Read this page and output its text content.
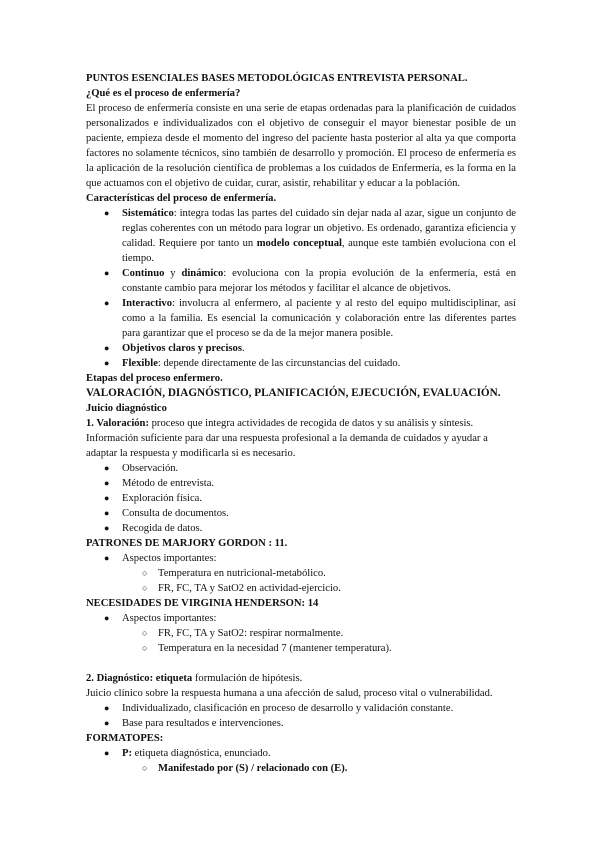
PUNTOS ESENCIALES BASES METODOLÓGICAS ENTREVISTA PERSONAL.

¿Qué es el proceso de enfermería?

El proceso de enfermería consiste en una serie de etapas ordenadas para la planificación de cuidados personalizados e individualizados con el objetivo de conseguir el mayor bienestar posible de un paciente, empieza desde el momento del ingreso del paciente hasta posterior al alta ya que comporta factores no solamente técnicos, sino también de desarrollo y promoción. El proceso de enfermería es la aplicación de la resolución científica de problemas a los cuidados de Enfermería, es la forma en la que actuamos con el objetivo de cuidar, curar, asistir, rehabilitar y educar a la población.

Características del proceso de enfermería.

● Sistemático: integra todas las partes del cuidado sin dejar nada al azar, sigue un conjunto de reglas coherentes con un método para lograr un objetivo. Es ordenado, garantiza eficiencia y calidad. Requiere por tanto un modelo conceptual, aunque este también evoluciona con el tiempo.
● Continuo y dinámico: evoluciona con la propia evolución de la enfermería, está en constante cambio para mejorar los métodos y facilitar el alcance de objetivos.
● Interactivo: involucra al enfermero, al paciente y al resto del equipo multidisciplinar, así como a la familia. Es esencial la comunicación y colaboración entre las diferentes partes para garantizar que el proceso se da de la mejor manera posible.
● Objetivos claros y precisos.
● Flexible: depende directamente de las circunstancias del cuidado.

Etapas del proceso enfermero.

VALORACIÓN, DIAGNÓSTICO, PLANIFICACIÓN, EJECUCIÓN, EVALUACIÓN.

Juicio diagnóstico

1. Valoración: proceso que integra actividades de recogida de datos y su análisis y síntesis.

Información suficiente para dar una respuesta profesional a la demanda de cuidados y ayudar a adaptar la respuesta y modificarla si es necesario.

● Observación.
● Método de entrevista.
● Exploración física.
● Consulta de documentos.
● Recogida de datos.

PATRONES DE MARJORY GORDON : 11.

● Aspectos importantes:
○ Temperatura en nutricional-metabólico.
○ FR, FC, TA y SatO2 en actividad-ejercicio.

NECESIDADES DE VIRGINIA HENDERSON: 14

● Aspectos importantes:
○ FR, FC, TA y SatO2: respirar normalmente.
○ Temperatura en la necesidad 7 (mantener temperatura).

2. Diagnóstico: etiqueta formulación de hipótesis.

Juicio clínico sobre la respuesta humana a una afección de salud, proceso vital o vulnerabilidad.

● Individualizado, clasificación en proceso de desarrollo y validación constante.
● Base para resultados e intervenciones.

FORMATOPES:

● P: etiqueta diagnóstica, enunciado.
○ Manifestado por (S) / relacionado con (E).
